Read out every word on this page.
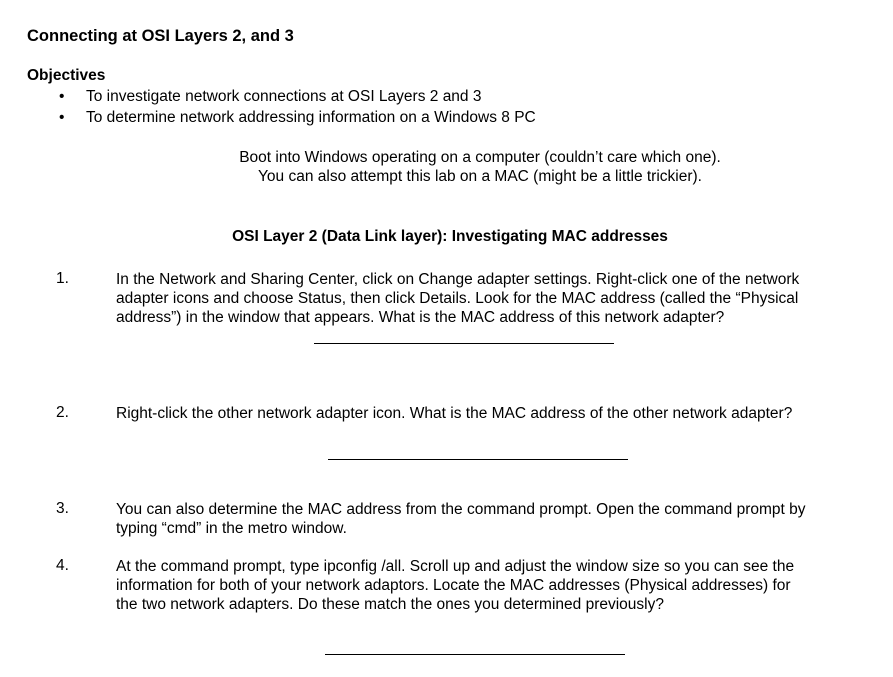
Connecting at OSI Layers 2, and 3
Objectives
• To investigate network connections at OSI Layers 2 and 3
• To determine network addressing information on a Windows 8 PC
Boot into Windows operating on a computer (couldn’t care which one).
You can also attempt this lab on a MAC (might be a little trickier).
OSI Layer 2 (Data Link layer): Investigating MAC addresses
1.	In the Network and Sharing Center, click on Change adapter settings. Right-click one of the network
adapter icons and choose Status, then click Details. Look for the MAC address (called the “Physical
address”) in the window that appears. What is the MAC address of this network adapter?
2.	Right-click the other network adapter icon. What is the MAC address of the other network adapter?
3.	You can also determine the MAC address from the command prompt. Open the command prompt by
typing “cmd” in the metro window.
4.	At the command prompt, type ipconfig /all. Scroll up and adjust the window size so you can see the
information for both of your network adaptors. Locate the MAC addresses (Physical addresses) for
the two network adapters. Do these match the ones you determined previously?
